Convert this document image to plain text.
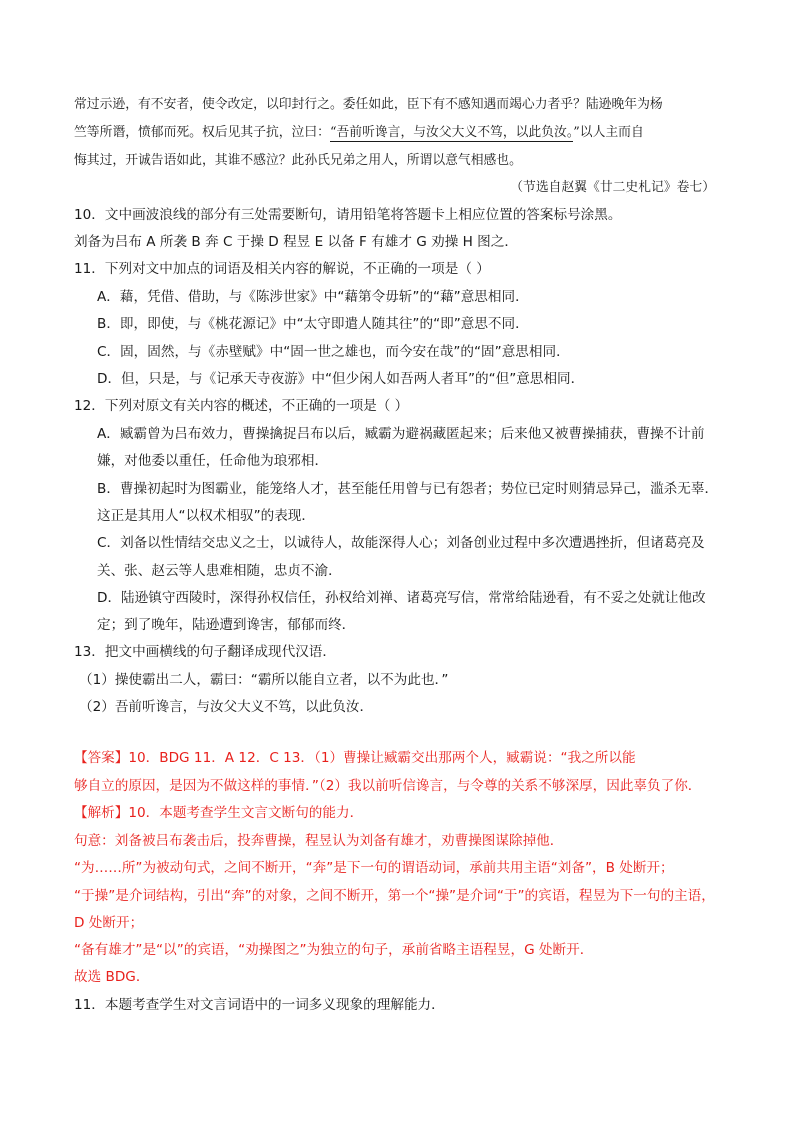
常过示逊，有不安者，使令改定，以印封行之。委任如此，臣下有不感知遇而竭心力者乎？陆逊晚年为杨
竺等所谮，愤郁而死。权后见其子抗，泣曰：“吾前听谗言，与汝父大义不笃，以此负汝。”以人主而自
悔其过，开诚告语如此，其谁不感泣？此孙氏兄弟之用人，所谓以意气相感也。
（节选自赵翼《廿二史札记》卷七）
10．文中画波浪线的部分有三处需要断句，请用铅笔将答题卡上相应位置的答案标号涂黑。
刘备为吕布 A 所袭 B 奔 C 于操 D 程昱 E 以备 F 有雄才 G 劝操 H 图之．
11．下列对文中加点的词语及相关内容的解说，不正确的一项是（ ）
A．藉，凭借、借助，与《陈涉世家》中“藉第令毋斩”的“藉”意思相同．
B．即，即使，与《桃花源记》中“太守即遣人随其往”的“即”意思不同．
C．固，固然，与《赤壁赋》中“固一世之雄也，而今安在哉”的“固”意思相同．
D．但，只是，与《记承天寺夜游》中“但少闲人如吾两人者耳”的“但”意思相同．
12．下列对原文有关内容的概述，不正确的一项是（ ）
A．臧霸曾为吕布效力，曹操擒捉吕布以后，臧霸为避祸藏匿起来；后来他又被曹操捕获，曹操不计前
嫌，对他委以重任，任命他为琅邪相．
B．曹操初起时为图霸业，能笼络人才，甚至能任用曾与已有怨者；势位已定时则猜忌异己，滥杀无辜．
这正是其用人“以权术相驭”的表现．
C．刘备以性情结交忠义之士，以诚待人，故能深得人心；刘备创业过程中多次遭遇挫折，但诸葛亮及
关、张、赵云等人患难相随，忠贞不渝．
D．陆逊镇守西陵时，深得孙权信任，孙权给刘禅、诸葛亮写信，常常给陆逊看，有不妥之处就让他改
定；到了晚年，陆逊遭到谗害，郁郁而终．
13．把文中画横线的句子翻译成现代汉语．
（1）操使霸出二人，霸曰：“霸所以能自立者，以不为此也．”
（2）吾前听谗言，与汝父大义不笃，以此负汝．
【答案】10．BDG 11．A 12．C 13．（1）曹操让臧霸交出那两个人，臧霸说：“我之所以能
够自立的原因，是因为不做这样的事情．”（2）我以前听信谗言，与令尊的关系不够深厚，因此辜负了你．
【解析】10．本题考查学生文言文断句的能力．
句意：刘备被吕布袭击后，投奔曹操，程昱认为刘备有雄才，劝曹操图谋除掉他．
“为……所”为被动句式，之间不断开，“奔”是下一句的谓语动词，承前共用主语“刘备”，B 处断开；
“于操”是介词结构，引出“奔”的对象，之间不断开，第一个“操”是介词“于”的宾语，程昱为下一句的主语，
D 处断开；
“备有雄才”是“以”的宾语，“劝操图之”为独立的句子，承前省略主语程昱，G 处断开．
故选 BDG．
11．本题考查学生对文言词语中的一词多义现象的理解能力．
